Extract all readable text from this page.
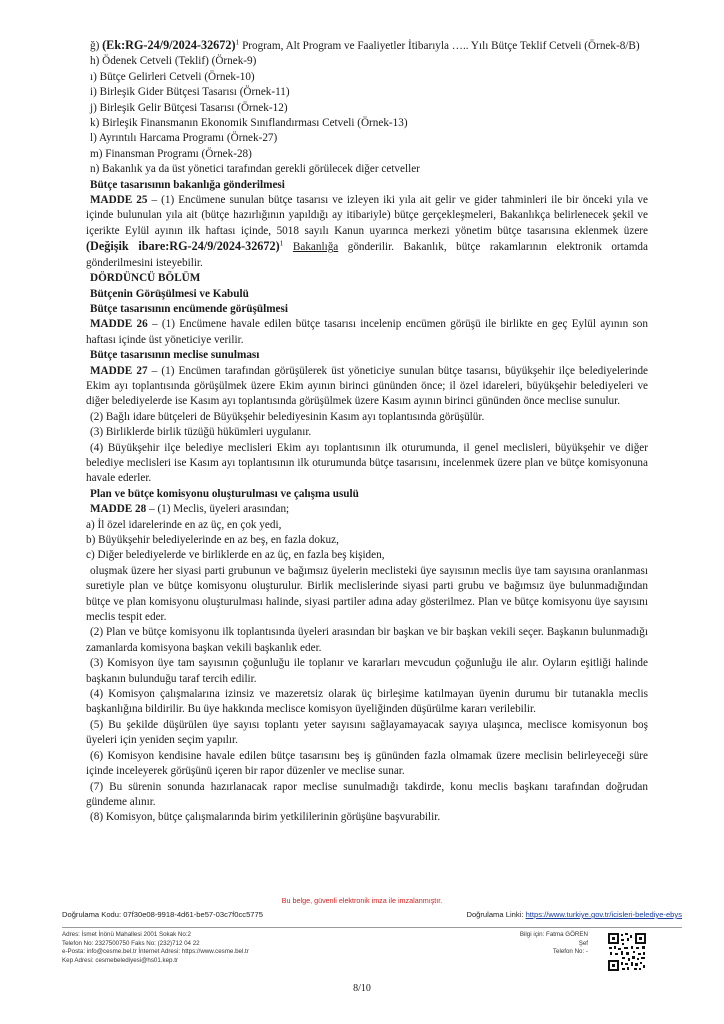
ğ) (Ek:RG-24/9/2024-32672)$^1$ Program, Alt Program ve Faaliyetler İtibarıyla ….. Yılı Bütçe Teklif Cetveli (Örnek-8/B)

h) Ödenek Cetveli (Teklif) (Örnek-9)

ı) Bütçe Gelirleri Cetveli (Örnek-10)

i) Birleşik Gider Bütçesi Tasarısı (Örnek-11)

j) Birleşik Gelir Bütçesi Tasarısı (Örnek-12)

k) Birleşik Finansmanın Ekonomik Sınıflandırması Cetveli (Örnek-13)

l) Ayrıntılı Harcama Programı (Örnek-27)

m) Finansman Programı (Örnek-28)

n) Bakanlık ya da üst yönetici tarafından gerekli görülecek diğer cetveller

Bütçe tasarısının bakanlığa gönderilmesi

MADDE 25 – (1) Encümene sunulan bütçe tasarısı ve izleyen iki yıla ait gelir ve gider tahminleri ile bir önceki yıla ve içinde bulunulan yıla ait (bütçe hazırlığının yapıldığı ay itibariyle) bütçe gerçekleşmeleri, Bakanlıkça belirlenecek şekil ve içerikte Eylül ayının ilk haftası içinde, 5018 sayılı Kanun uyarınca merkezi yönetim bütçe tasarısına eklenmek üzere (Değişik ibare:RG-24/9/2024-32672)$^1$ Bakanlığa gönderilir. Bakanlık, bütçe rakamlarının elektronik ortamda gönderilmesini isteyebilir.

DÖRDÜNCÜ BÖLÜM

Bütçenin Görüşülmesi ve Kabulü

Bütçe tasarısının encümende görüşülmesi

MADDE 26 – (1) Encümene havale edilen bütçe tasarısı incelenip encümen görüşü ile birlikte en geç Eylül ayının son haftası içinde üst yöneticiye verilir.

Bütçe tasarısının meclise sunulması

MADDE 27 – (1) Encümen tarafından görüşülerek üst yöneticiye sunulan bütçe tasarısı, büyükşehir ilçe belediyelerinde Ekim ayı toplantısında görüşülmek üzere Ekim ayının birinci gününden önce; il özel idareleri, büyükşehir belediyeleri ve diğer belediyelerde ise Kasım ayı toplantısında görüşülmek üzere Kasım ayının birinci gününden önce meclise sunulur.

(2) Bağlı idare bütçeleri de Büyükşehir belediyesinin Kasım ayı toplantısında görüşülür.

(3) Birliklerde birlik tüzüğü hükümleri uygulanır.

(4) Büyükşehir ilçe belediye meclisleri Ekim ayı toplantısının ilk oturumunda, il genel meclisleri, büyükşehir ve diğer belediye meclisleri ise Kasım ayı toplantısının ilk oturumunda bütçe tasarısını, incelenmek üzere plan ve bütçe komisyonuna havale ederler.

Plan ve bütçe komisyonu oluşturulması ve çalışma usulü

MADDE 28 – (1) Meclis, üyeleri arasından;

a) İl özel idarelerinde en az üç, en çok yedi,

b) Büyükşehir belediyelerinde en az beş, en fazla dokuz,

c) Diğer belediyelerde ve birliklerde en az üç, en fazla beş kişiden,

oluşmak üzere her siyasi parti grubunun ve bağımsız üyelerin meclisteki üye sayısının meclis üye tam sayısına oranlanması suretiyle plan ve bütçe komisyonu oluşturulur. Birlik meclislerinde siyasi parti grubu ve bağımsız üye bulunmadığından bütçe ve plan komisyonu oluşturulması halinde, siyasi partiler adına aday gösterilmez. Plan ve bütçe komisyonu üye sayısını meclis tespit eder.

(2) Plan ve bütçe komisyonu ilk toplantısında üyeleri arasından bir başkan ve bir başkan vekili seçer. Başkanın bulunmadığı zamanlarda komisyona başkan vekili başkanlık eder.

(3) Komisyon üye tam sayısının çoğunluğu ile toplanır ve kararları mevcudun çoğunluğu ile alır. Oyların eşitliği halinde başkanın bulunduğu taraf tercih edilir.

(4) Komisyon çalışmalarına izinsiz ve mazeretsiz olarak üç birleşime katılmayan üyenin durumu bir tutanakla meclis başkanlığına bildirilir. Bu üye hakkında meclisce komisyon üyeliğinden düşürülme kararı verilebilir.

(5) Bu şekilde düşürülen üye sayısı toplantı yeter sayısını sağlayamayacak sayıya ulaşınca, meclisce komisyonun boş üyeleri için yeniden seçim yapılır.

(6) Komisyon kendisine havale edilen bütçe tasarısını beş iş gününden fazla olmamak üzere meclisin belirleyeceği süre içinde inceleyerek görüşünü içeren bir rapor düzenler ve meclise sunar.

(7) Bu sürenin sonunda hazırlanacak rapor meclise sunulmadığı takdirde, konu meclis başkanı tarafından doğrudan gündeme alınır.

(8) Komisyon, bütçe çalışmalarında birim yetkililerinin görüşüne başvurabilir.

Bu belge, güvenli elektronik imza ile imzalanmıştır.
Doğrulama Kodu: 07f30e08-9918-4d61-be57-03c7f0cc5775	Doğrulama Linki: https://www.turkiye.gov.tr/icisleri-belediye-ebys
Adres: İsmet İnönü Mahallesi 2001 Sokak No:2
Telefon No: 2327500750 Faks No: (232)712 04 22
e-Posta: info@cesme.bel.tr İnternet Adresi: https://www.cesme.bel.tr
Kep Adresi: cesmebelediyesi@hs01.kep.tr
Bilgi için: Fatma GÖREN
Şef
Telefon No: -
8/10
